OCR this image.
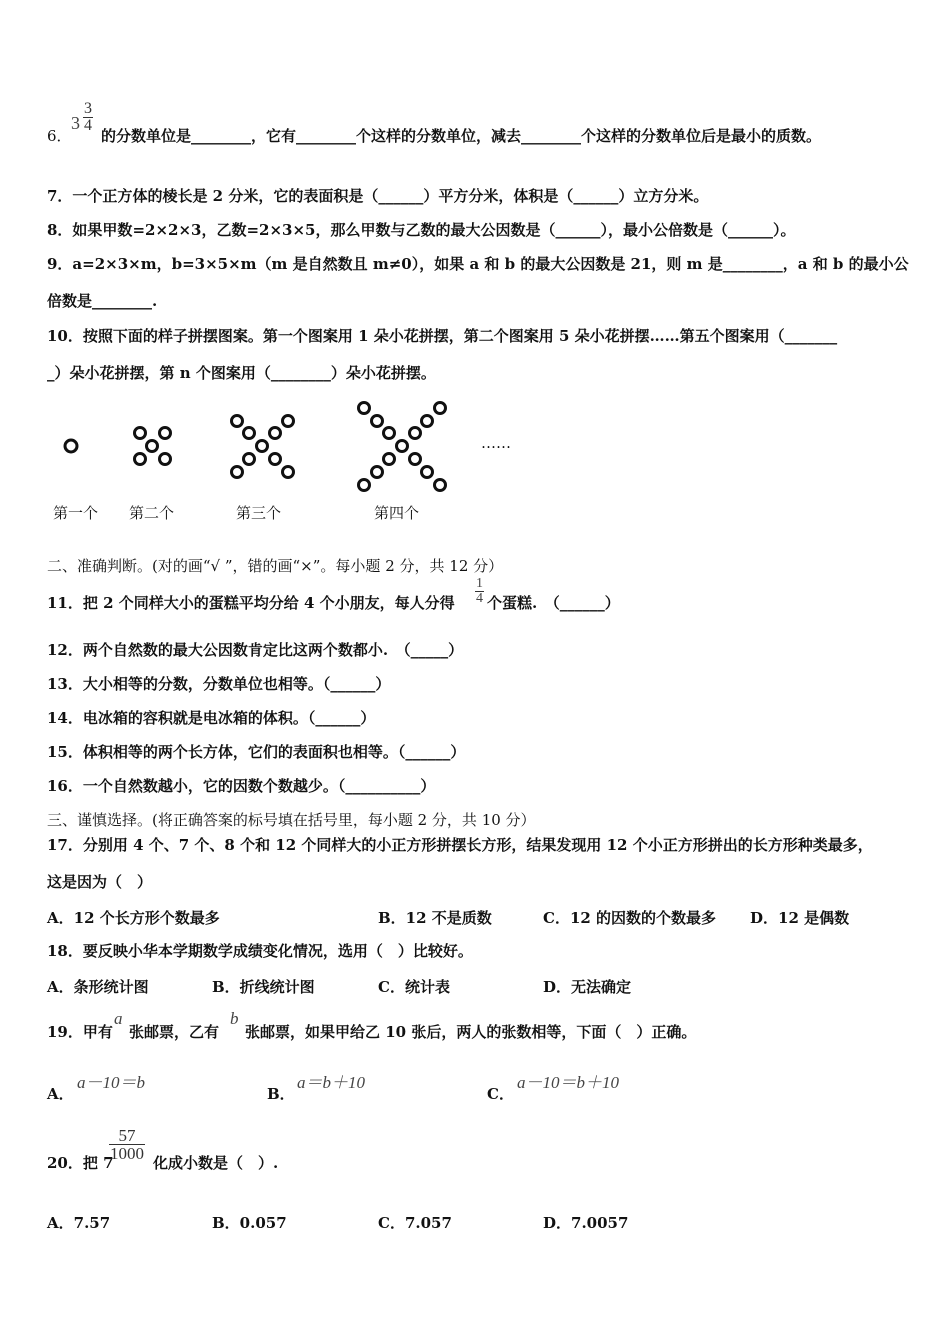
6．
$3 \frac{3}{4}$
的分数单位是________，它有________个这样的分数单位，减去________个这样的分数单位后是最小的质数。
7．一个正方体的棱长是 2 分米，它的表面积是（______）平方分米，体积是（______）立方分米。
8．如果甲数=2×2×3，乙数=2×3×5，那么甲数与乙数的最大公因数是（______），最小公倍数是（______）。
9．a=2×3×m，b=3×5×m（m 是自然数且 m≠0），如果 a 和 b 的最大公因数是 21，则 m 是________，a 和 b 的最小公
倍数是________.
10．按照下面的样子拼摆图案。第一个图案用 1 朵小花拼摆，第二个图案用 5 朵小花拼摆……第五个图案用（_______
_）朵小花拼摆，第 n 个图案用（________）朵小花拼摆。
……
第一个 第二个	第三个	第四个
二、准确判断。(对的画“√ ”，错的画“×”。每小题 2 分，共 12 分）
11．把 2 个同样大小的蛋糕平均分给 4 个小朋友，每人分得 $\frac{1}{4}$ 个蛋糕.　（______）
12．两个自然数的最大公因数肯定比这两个数都小.　（_____）
13．大小相等的分数，分数单位也相等。（______）
14．电冰箱的容积就是电冰箱的体积。（______）
15．体积相等的两个长方体，它们的表面积也相等。（______）
16．一个自然数越小，它的因数个数越少。（__________）
三、谨慎选择。(将正确答案的标号填在括号里，每小题 2 分，共 10 分）
17．分别用 4 个、7 个、8 个和 12 个同样大的小正方形拼摆长方形，结果发现用 12 个小正方形拼出的长方形种类最多，
这是因为（　）
A．12 个长方形个数最多	B．12 不是质数	C．12 的因数的个数最多 D．12 是偶数
18．要反映小华本学期数学成绩变化情况，选用（　）比较好。
A．条形统计图	B．折线统计图	C．统计表	D．无法确定
19．甲有
a
张邮票，乙有
b
张邮票，如果甲给乙 10 张后，两人的张数相等，下面（　）正确。
A．
a－10＝b
B．
a＝b＋10
C．
a－10＝b＋10
20．把 7
$\frac{57}{1000}$
化成小数是（　）.
A．7.57	B．0.057	C．7.057	D．7.0057
